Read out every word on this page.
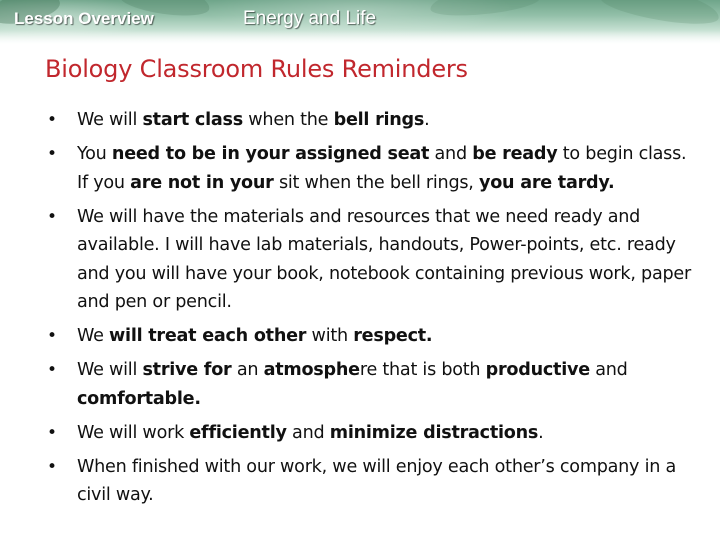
Lesson Overview	Energy and Life
Biology Classroom Rules Reminders
• We will start class when the bell rings.
• You need to be in your assigned seat and be ready to begin class. If you are not in your sit when the bell rings, you are tardy.
• We will have the materials and resources that we need ready and available. I will have lab materials, handouts, Power-points, etc. ready and you will have your book, notebook containing previous work, paper and pen or pencil.
• We will treat each other with respect.
• We will strive for an atmosphere that is both productive and comfortable.
• We will work efficiently and minimize distractions.
• When finished with our work, we will enjoy each other’s company in a civil way.
